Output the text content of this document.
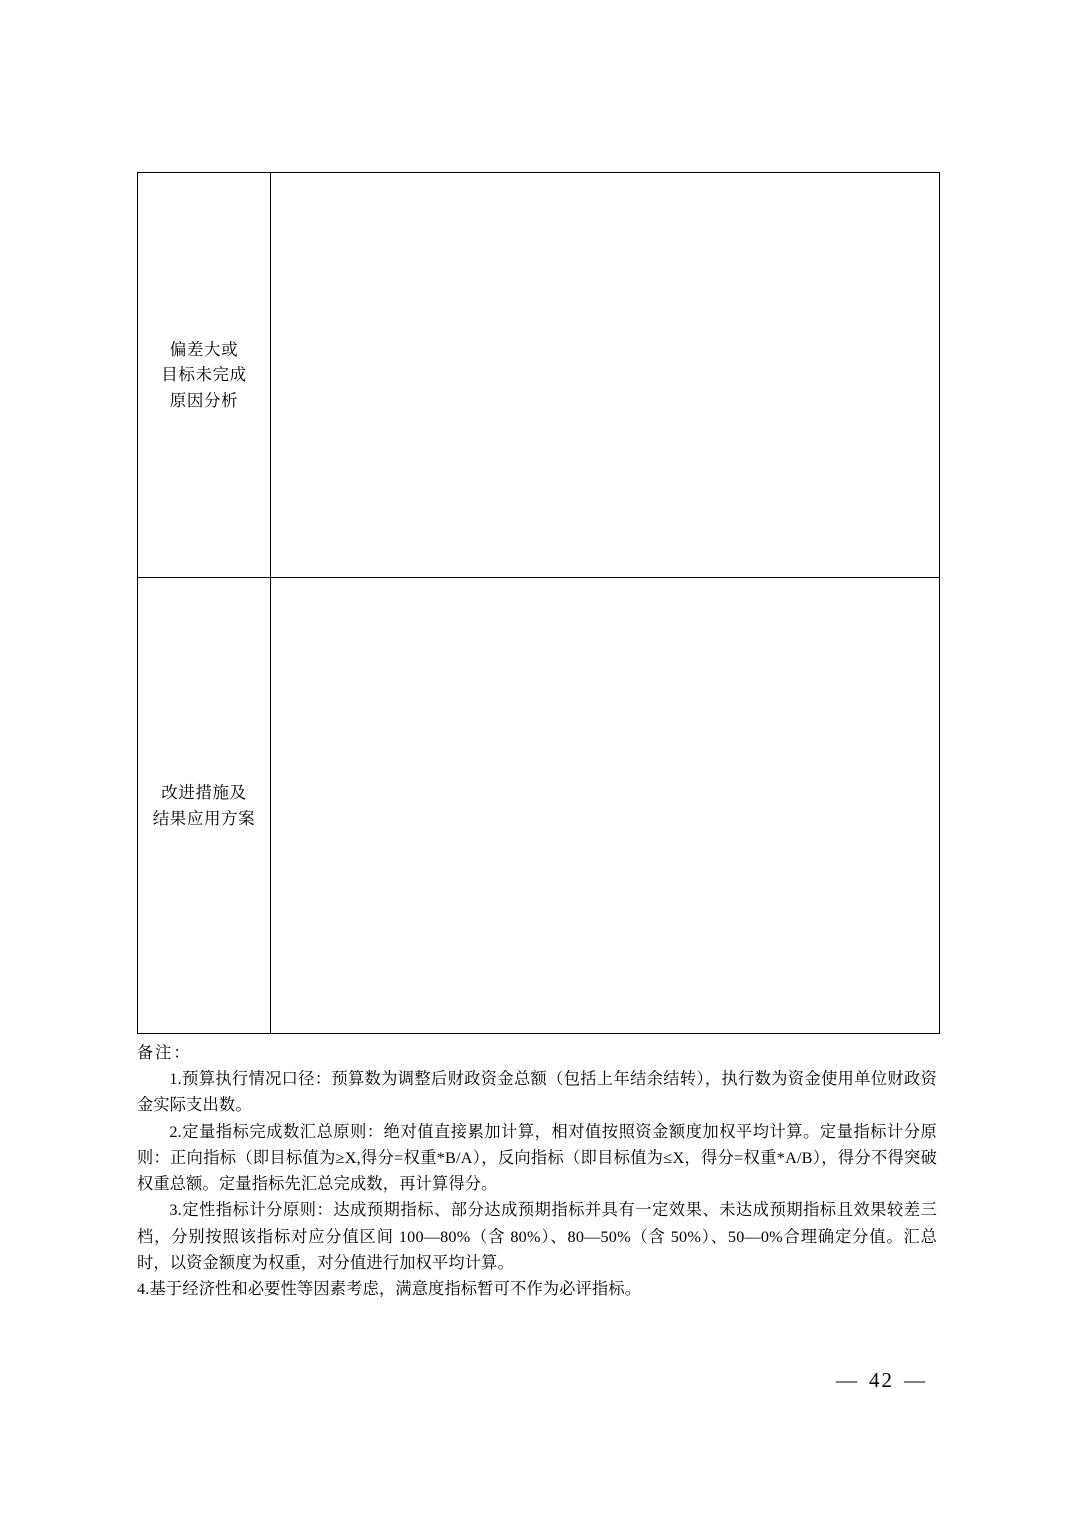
偏差大或
目标未完成
原因分析	

改进措施及
结果应用方案	

备注：

1.预算执行情况口径：预算数为调整后财政资金总额（包括上年结余结转），执行数为资金使用单位财政资金实际支出数。

2.定量指标完成数汇总原则：绝对值直接累加计算，相对值按照资金额度加权平均计算。定量指标计分原则：正向指标（即目标值为≥X,得分=权重*B/A），反向指标（即目标值为≤X，得分=权重*A/B），得分不得突破权重总额。定量指标先汇总完成数，再计算得分。

3.定性指标计分原则：达成预期指标、部分达成预期指标并具有一定效果、未达成预期指标且效果较差三档，分别按照该指标对应分值区间 100—80%（含 80%）、80—50%（含 50%）、50—0%合理确定分值。汇总时，以资金额度为权重，对分值进行加权平均计算。

4.基于经济性和必要性等因素考虑，满意度指标暂可不作为必评指标。

— 42 —
